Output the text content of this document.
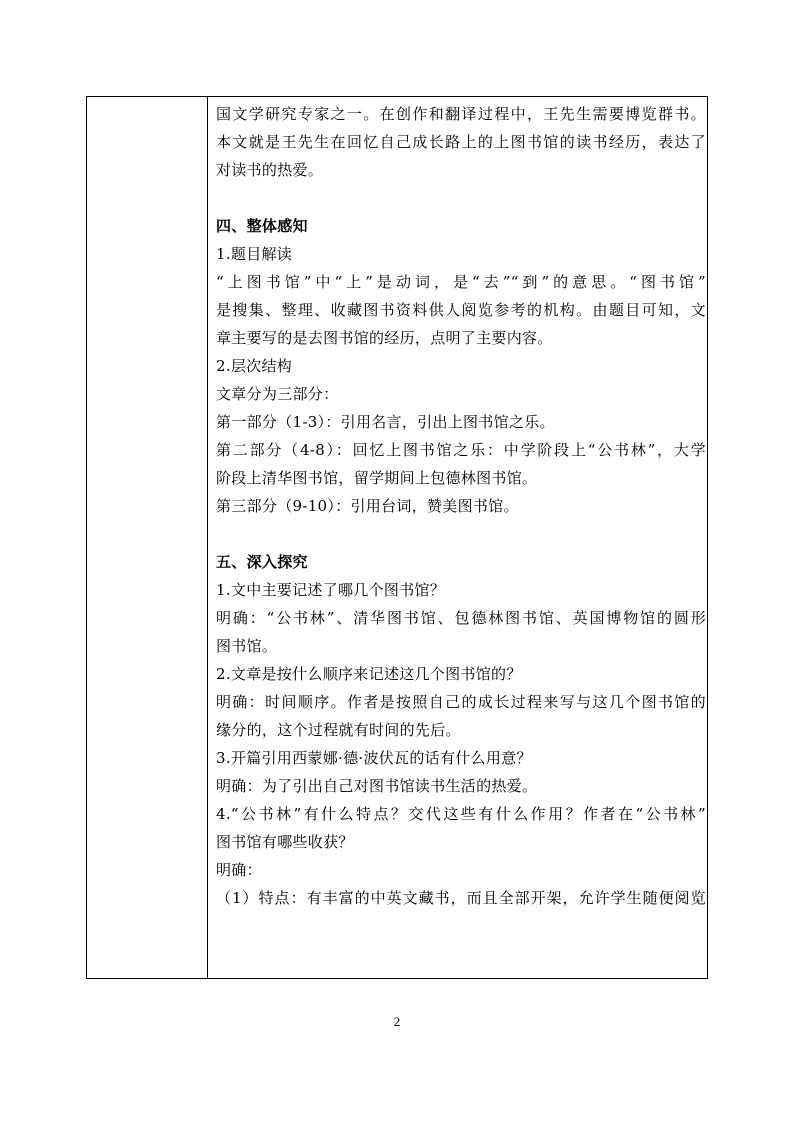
国文学研究专家之一。在创作和翻译过程中，王先生需要博览群书。
本文就是王先生在回忆自己成长路上的上图书馆的读书经历，表达了
对读书的热爱。
四、整体感知
1.题目解读
“上图书馆”中“上”是动词，是“去”“到”的意思。“图书馆”
是搜集、整理、收藏图书资料供人阅览参考的机构。由题目可知，文
章主要写的是去图书馆的经历，点明了主要内容。
2.层次结构
文章分为三部分：
第一部分（1-3）：引用名言，引出上图书馆之乐。
第二部分（4-8）：回忆上图书馆之乐：中学阶段上“公书林”，大学
阶段上清华图书馆，留学期间上包德林图书馆。
第三部分（9-10）：引用台词，赞美图书馆。
五、深入探究
1.文中主要记述了哪几个图书馆？
明确：“公书林”、清华图书馆、包德林图书馆、英国博物馆的圆形
图书馆。
2.文章是按什么顺序来记述这几个图书馆的？
明确：时间顺序。作者是按照自己的成长过程来写与这几个图书馆的
缘分的，这个过程就有时间的先后。
3.开篇引用西蒙娜·德·波伏瓦的话有什么用意？
明确：为了引出自己对图书馆读书生活的热爱。
4.“公书林”有什么特点？交代这些有什么作用？作者在“公书林”
图书馆有哪些收获？
明确：
（1）特点：有丰富的中英文藏书，而且全部开架，允许学生随便阅览
2
